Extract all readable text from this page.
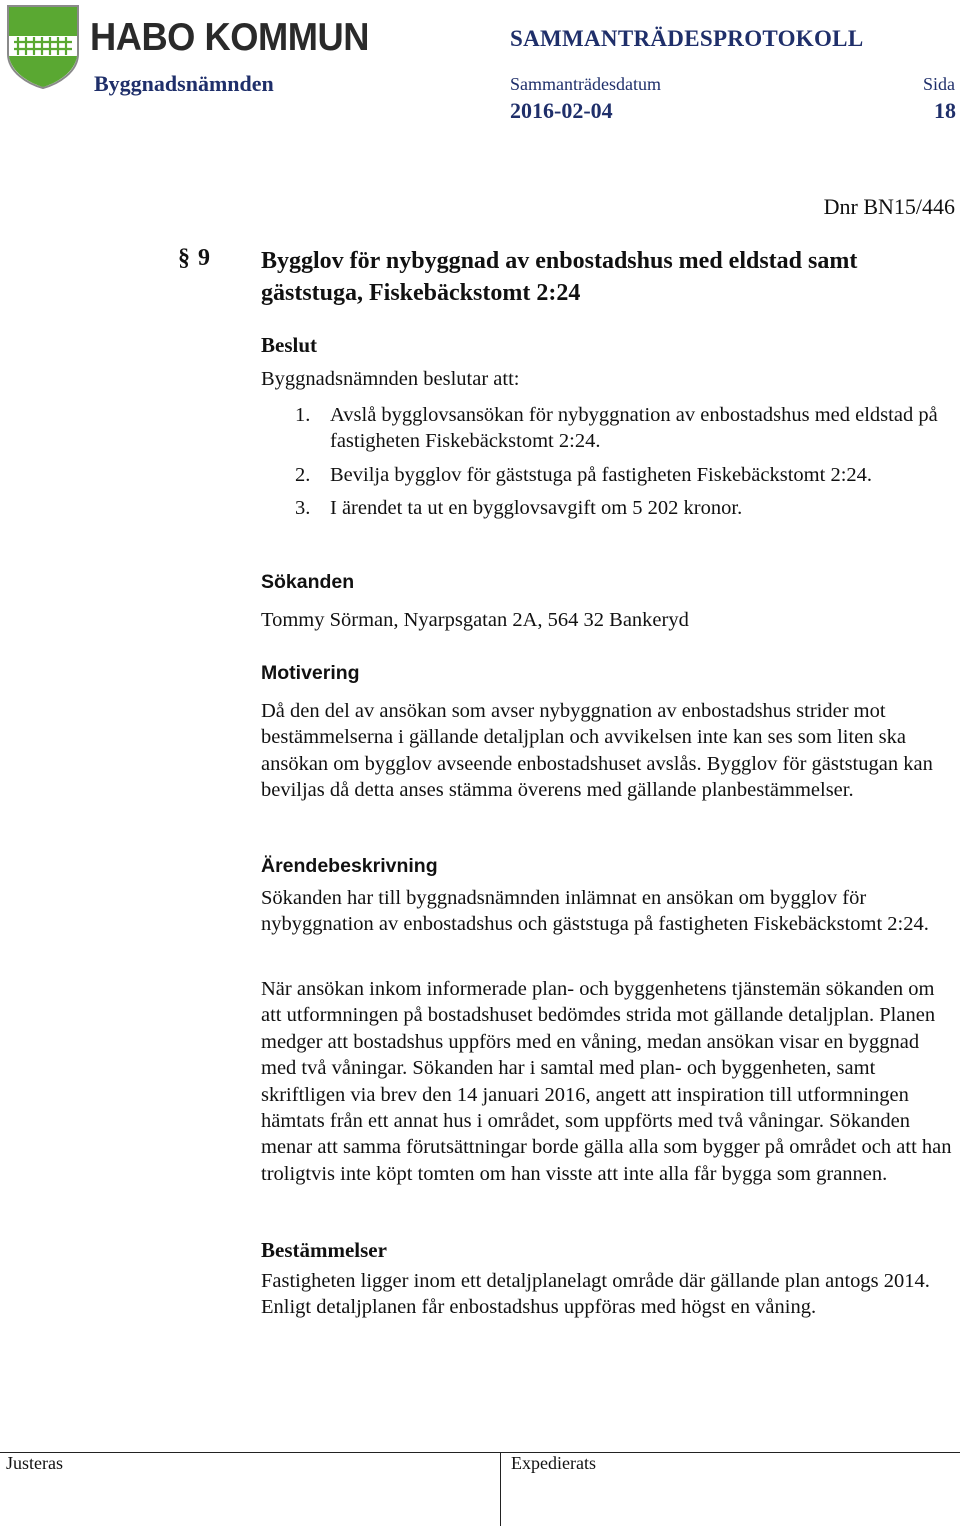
HABO KOMMUN	SAMMANTRÄDESPROTOKOLL
Byggnadsnämnden	Sammanträdesdatum	Sida
2016-02-04	18
Dnr BN15/446
§ 9 Bygglov för nybyggnad av enbostadshus med eldstad samt gäststuga, Fiskebäckstomt 2:24
Beslut
Byggnadsnämnden beslutar att:
1. Avslå bygglovsansökan för nybyggnation av enbostadshus med eldstad på fastigheten Fiskebäckstomt 2:24.
2. Bevilja bygglov för gäststuga på fastigheten Fiskebäckstomt 2:24.
3. I ärendet ta ut en bygglovsavgift om 5 202 kronor.
Sökanden
Tommy Sörman, Nyarpsgatan 2A, 564 32 Bankeryd
Motivering
Då den del av ansökan som avser nybyggnation av enbostadshus strider mot bestämmelserna i gällande detaljplan och avvikelsen inte kan ses som liten ska ansökan om bygglov avseende enbostadshuset avslås. Bygglov för gäststugan kan beviljas då detta anses stämma överens med gällande planbestämmelser.
Ärendebeskrivning
Sökanden har till byggnadsnämnden inlämnat en ansökan om bygglov för nybyggnation av enbostadshus och gäststuga på fastigheten Fiskebäckstomt 2:24.
När ansökan inkom informerade plan- och byggenhetens tjänstemän sökanden om att utformningen på bostadshuset bedömdes strida mot gällande detaljplan. Planen medger att bostadshus uppförs med en våning, medan ansökan visar en byggnad med två våningar. Sökanden har i samtal med plan- och byggenheten, samt skriftligen via brev den 14 januari 2016, angett att inspiration till utformningen hämtats från ett annat hus i området, som uppförts med två våningar. Sökanden menar att samma förutsättningar borde gälla alla som bygger på området och att han troligtvis inte köpt tomten om han visste att inte alla får bygga som grannen.
Bestämmelser
Fastigheten ligger inom ett detaljplanelagt område där gällande plan antogs 2014. Enligt detaljplanen får enbostadshus uppföras med högst en våning.
Justeras	Expedierats
